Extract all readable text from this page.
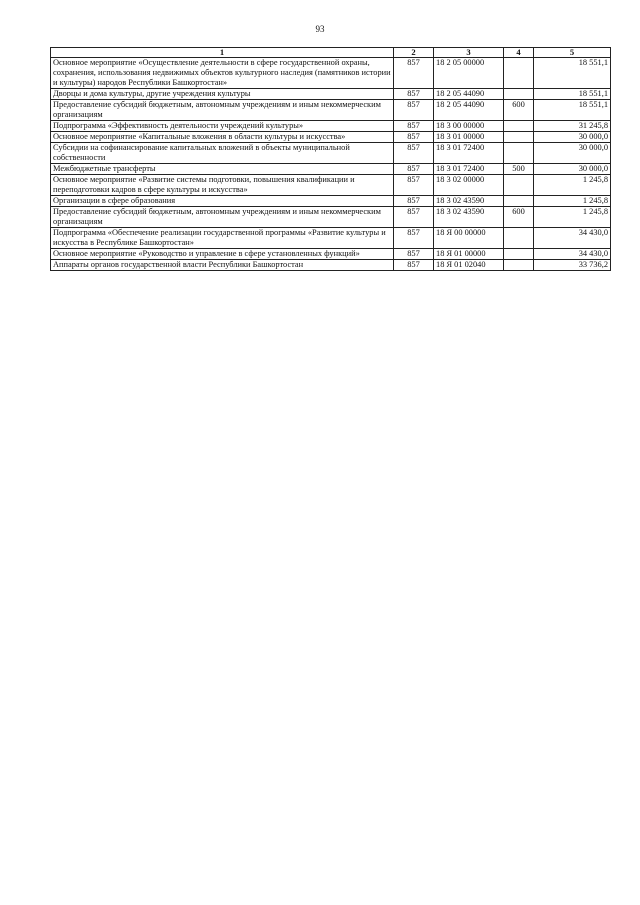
93
1	2	3	4	5
Основное мероприятие «Осуществление деятельности в сфере государственной охраны, сохранения, использования недвижимых объектов культурного наследия (памятников истории и культуры) народов Республики Башкортостан»	857	18 2 05 00000		18 551,1
Дворцы и дома культуры, другие учреждения культуры	857	18 2 05 44090		18 551,1
Предоставление субсидий бюджетным, автономным учреждениям и иным некоммерческим организациям	857	18 2 05 44090	600	18 551,1
Подпрограмма «Эффективность деятельности учреждений культуры»	857	18 3 00 00000		31 245,8
Основное мероприятие «Капитальные вложения в области культуры и искусства»	857	18 3 01 00000		30 000,0
Субсидии на софинансирование капитальных вложений в объекты муниципальной собственности	857	18 3 01 72400		30 000,0
Межбюджетные трансферты	857	18 3 01 72400	500	30 000,0
Основное мероприятие «Развитие системы подготовки, повышения квалификации и переподготовки кадров в сфере культуры и искусства»	857	18 3 02 00000		1 245,8
Организации в сфере образования	857	18 3 02 43590		1 245,8
Предоставление субсидий бюджетным, автономным учреждениям и иным некоммерческим организациям	857	18 3 02 43590	600	1 245,8
Подпрограмма «Обеспечение реализации государственной программы «Развитие культуры и искусства в Республике Башкортостан»	857	18 Я 00 00000		34 430,0
Основное мероприятие «Руководство и управление в сфере установленных функций»	857	18 Я 01 00000		34 430,0
Аппараты органов государственной власти Республики Башкортостан	857	18 Я 01 02040		33 736,2
